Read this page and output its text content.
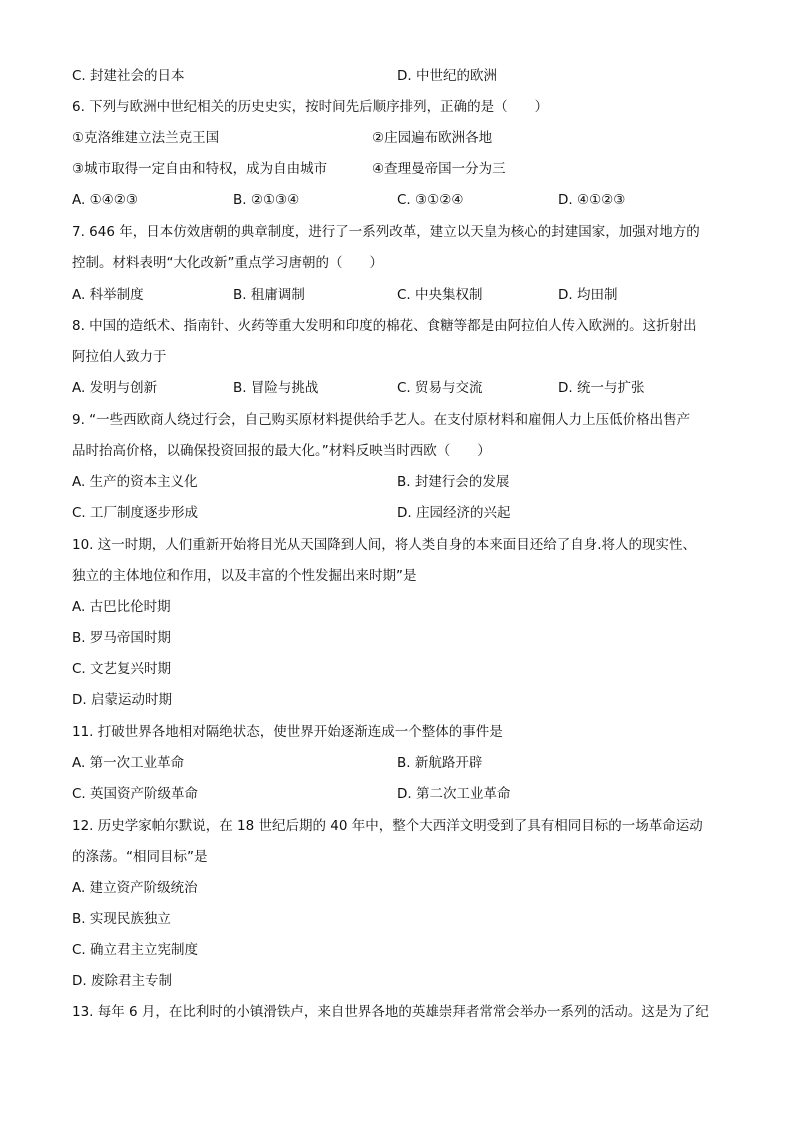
C. 封建社会的日本	D. 中世纪的欧洲
6. 下列与欧洲中世纪相关的历史史实，按时间先后顺序排列，正确的是（　　）
①克洛维建立法兰克王国	②庄园遍布欧洲各地
③城市取得一定自由和特权，成为自由城市	④查理曼帝国一分为三
A. ①④②③	B. ②①③④	C. ③①②④	D. ④①②③
7. 646 年，日本仿效唐朝的典章制度，进行了一系列改革，建立以天皇为核心的封建国家，加强对地方的
控制。材料表明“大化改新”重点学习唐朝的（　　）
A. 科举制度	B. 租庸调制	C. 中央集权制	D. 均田制
8. 中国的造纸术、指南针、火药等重大发明和印度的棉花、食糖等都是由阿拉伯人传入欧洲的。这折射出
阿拉伯人致力于
A. 发明与创新	B. 冒险与挑战	C. 贸易与交流	D. 统一与扩张
9. “一些西欧商人绕过行会，自己购买原材料提供给手艺人。在支付原材料和雇佣人力上压低价格出售产
品时抬高价格，以确保投资回报的最大化。”材料反映当时西欧（　　）
A. 生产的资本主义化	B. 封建行会的发展
C. 工厂制度逐步形成	D. 庄园经济的兴起
10. 这一时期，人们重新开始将目光从天国降到人间，将人类自身的本来面目还给了自身.将人的现实性、
独立的主体地位和作用，以及丰富的个性发掘出来时期”是
A. 古巴比伦时期
B. 罗马帝国时期
C. 文艺复兴时期
D. 启蒙运动时期
11. 打破世界各地相对隔绝状态，使世界开始逐渐连成一个整体的事件是
A. 第一次工业革命	B. 新航路开辟
C. 英国资产阶级革命	D. 第二次工业革命
12. 历史学家帕尔默说，在 18 世纪后期的 40 年中，整个大西洋文明受到了具有相同目标的一场革命运动
的涤荡。“相同目标”是
A. 建立资产阶级统治
B. 实现民族独立
C. 确立君主立宪制度
D. 废除君主专制
13. 每年 6 月，在比利时的小镇滑铁卢，来自世界各地的英雄崇拜者常常会举办一系列的活动。这是为了纪
